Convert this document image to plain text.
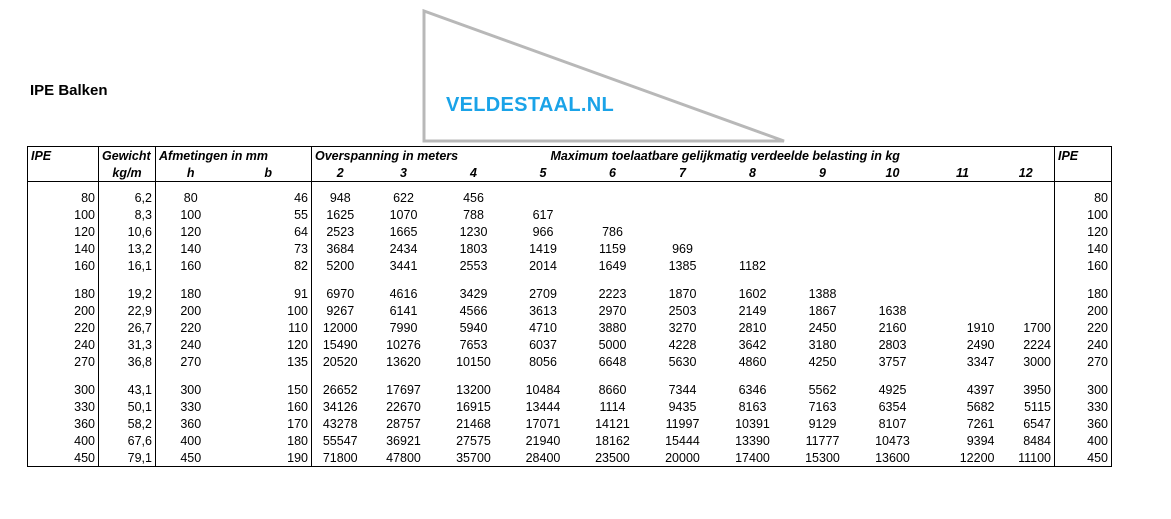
IPE Balken
VELDESTAAL.NL
IPE	Gewicht	Afmetingen in mm		Overspanning in meters			Maximum toelaatbare gelijkmatig verdeelde belasting in kg								IPE
	kg/m	h	b	2	3	4	5	6	7	8	9	10	11	12	

80	6,2	80	46	948	622	456									80
100	8,3	100	55	1625	1070	788	617								100
120	10,6	120	64	2523	1665	1230	966	786							120
140	13,2	140	73	3684	2434	1803	1419	1159	969						140
160	16,1	160	82	5200	3441	2553	2014	1649	1385	1182					160

180	19,2	180	91	6970	4616	3429	2709	2223	1870	1602	1388				180
200	22,9	200	100	9267	6141	4566	3613	2970	2503	2149	1867	1638			200
220	26,7	220	110	12000	7990	5940	4710	3880	3270	2810	2450	2160	1910	1700	220
240	31,3	240	120	15490	10276	7653	6037	5000	4228	3642	3180	2803	2490	2224	240
270	36,8	270	135	20520	13620	10150	8056	6648	5630	4860	4250	3757	3347	3000	270

300	43,1	300	150	26652	17697	13200	10484	8660	7344	6346	5562	4925	4397	3950	300
330	50,1	330	160	34126	22670	16915	13444	1114	9435	8163	7163	6354	5682	5115	330
360	58,2	360	170	43278	28757	21468	17071	14121	11997	10391	9129	8107	7261	6547	360
400	67,6	400	180	55547	36921	27575	21940	18162	15444	13390	11777	10473	9394	8484	400
450	79,1	450	190	71800	47800	35700	28400	23500	20000	17400	15300	13600	12200	11100	450
